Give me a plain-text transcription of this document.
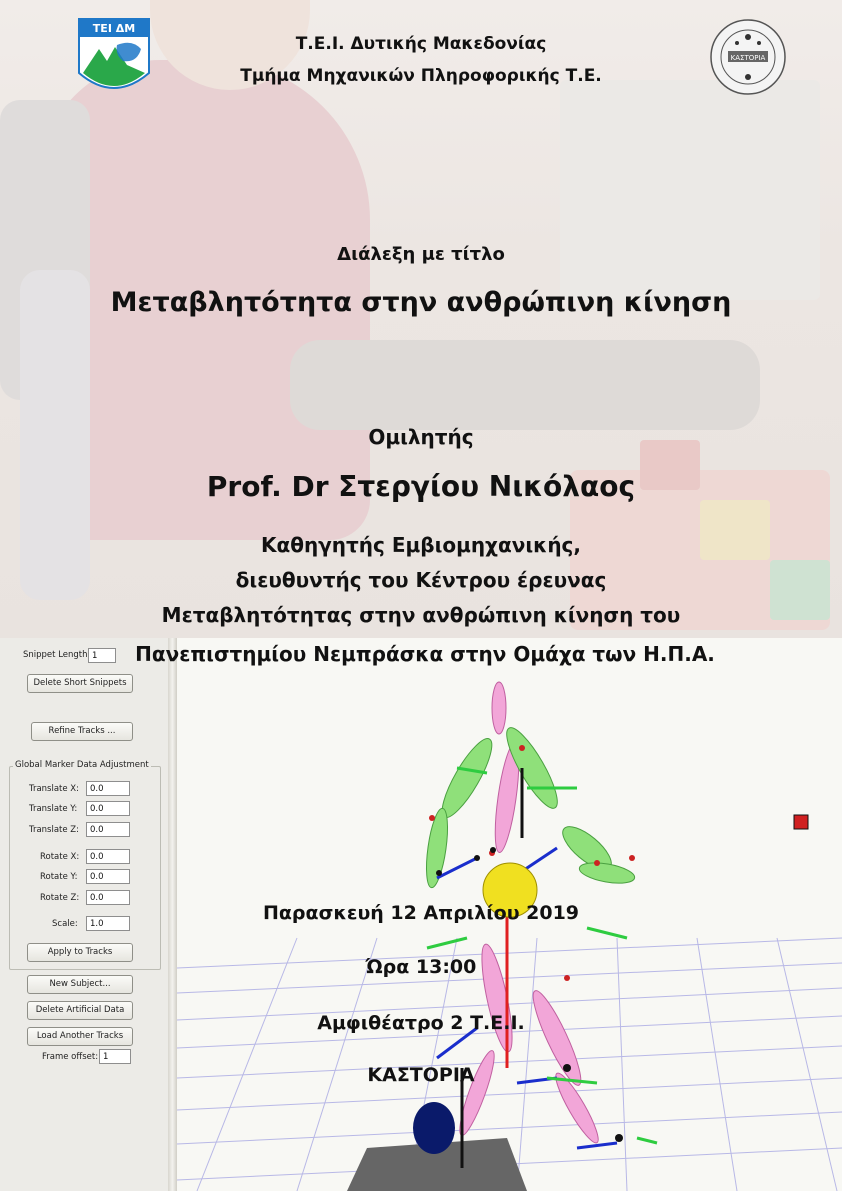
Snippet Length 1
Delete Short Snippets
Refine Tracks ...
Global Marker Data Adjustment
Translate X:	0.0
Translate Y:	0.0
Translate Z:	0.0
Rotate X:	0.0
Rotate Y:	0.0
Rotate Z:	0.0
Scale:	1.0
Apply to Tracks
New Subject...
Delete Artificial Data
Load Another Tracks
Frame offset: 1
ΤΕΙ ΔΜ
ΚΑΣΤΟΡΙΑ
Τ.Ε.Ι. Δυτικής Μακεδονίας
Τμήμα Μηχανικών Πληροφορικής Τ.Ε.
Διάλεξη με τίτλο
Μεταβλητότητα στην ανθρώπινη κίνηση
Ομιλητής
Prof. Dr Στεργίου Νικόλαος
Καθηγητής Εμβιομηχανικής,
διευθυντής του Κέντρου έρευνας
Μεταβλητότητας στην ανθρώπινη κίνηση του
Πανεπιστημίου Νεμπράσκα στην Ομάχα των Η.Π.Α.
Παρασκευή 12 Απριλίου 2019
Ώρα 13:00
Αμφιθέατρο 2 Τ.Ε.Ι.
ΚΑΣΤΟΡΙΑ
